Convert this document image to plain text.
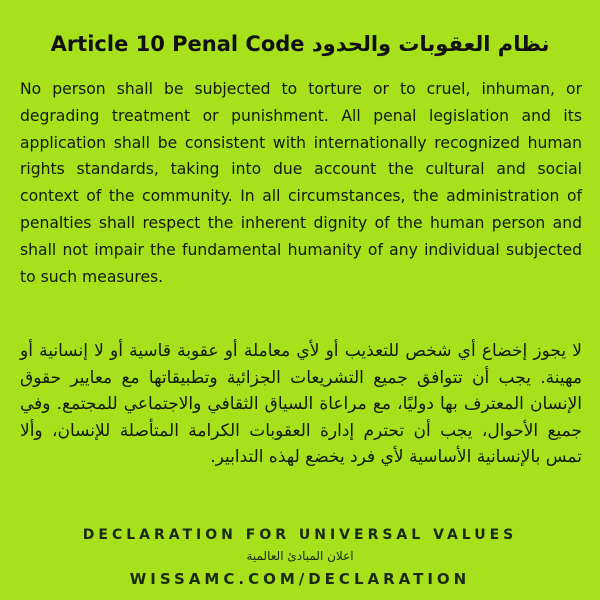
Article 10 Penal Code نظام العقوبات والحدود

No person shall be subjected to torture or to cruel, inhuman, or degrading treatment or punishment. All penal legislation and its application shall be consistent with internationally recognized human rights standards, taking into due account the cultural and social context of the community. In all circumstances, the administration of penalties shall respect the inherent dignity of the human person and shall not impair the fundamental humanity of any individual subjected to such measures.

لا يجوز إخضاع أي شخص للتعذيب أو لأي معاملة أو عقوبة قاسية أو لا إنسانية أو مهينة. يجب أن تتوافق جميع التشريعات الجزائية وتطبيقاتها مع معايير حقوق الإنسان المعترف بها دوليًا، مع مراعاة السياق الثقافي والاجتماعي للمجتمع. وفي جميع الأحوال، يجب أن تحترم إدارة العقوبات الكرامة المتأصلة للإنسان، وألا تمس بالإنسانية الأساسية لأي فرد يخضع لهذه التدابير.

DECLARATION FOR UNIVERSAL VALUES
اعلان المبادئ العالمية
WISSAMC.COM/DECLARATION
